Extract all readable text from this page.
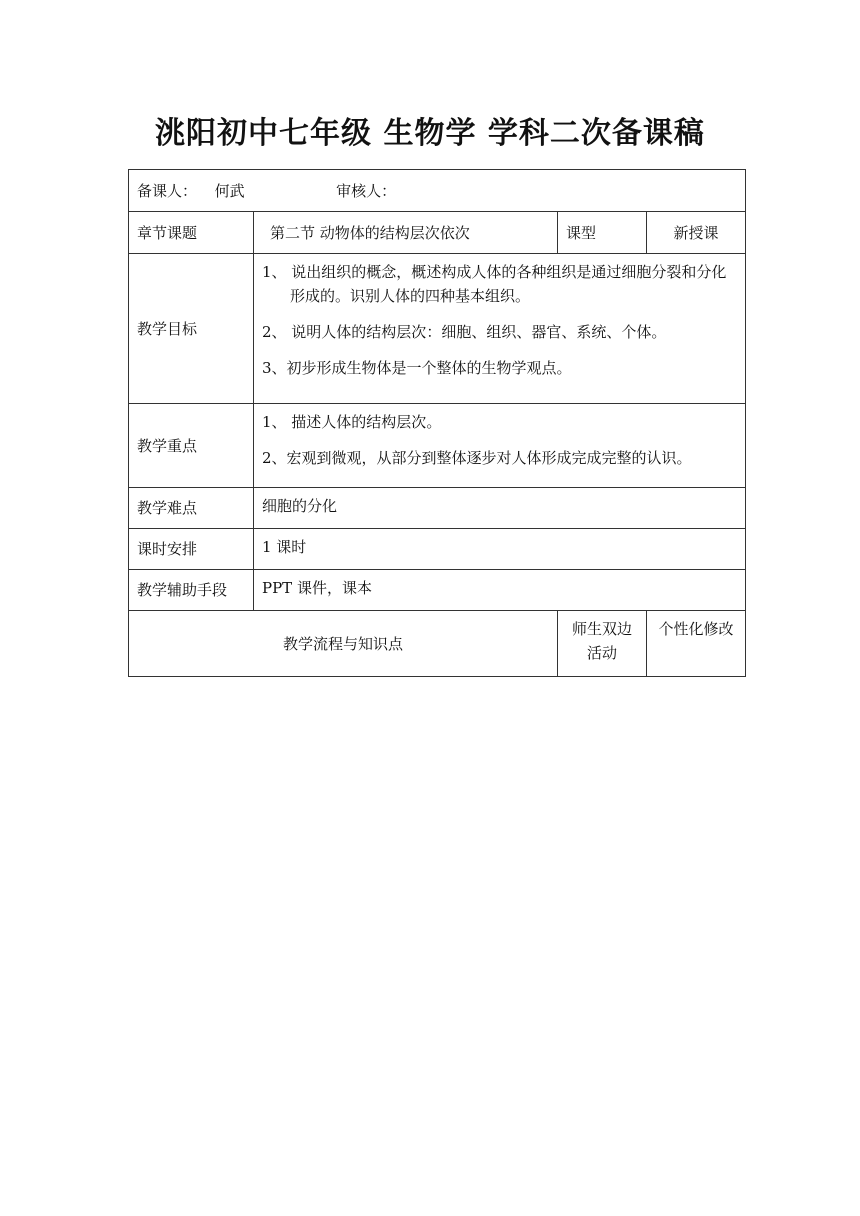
洮阳初中七年级 生物学 学科二次备课稿
备课人： 何武 审核人：			
章节课题	第二节 动物体的结构层次依次	课型	新授课
教学目标	1、 说出组织的概念，概述构成人体的各种组织是通过细胞分裂和分化形成的。识别人体的四种基本组织。

2、 说明人体的结构层次：细胞、组织、器官、系统、个体。

3、初步形成生物体是一个整体的生物学观点。		

教学重点	1、 描述人体的结构层次。

2、宏观到微观，从部分到整体逐步对人体形成完成完整的认识。		

教学难点	细胞的分化		
课时安排	1 课时		
教学辅助手段	PPT 课件，课本		
教学流程与知识点		师生双边活动	个性化修改
